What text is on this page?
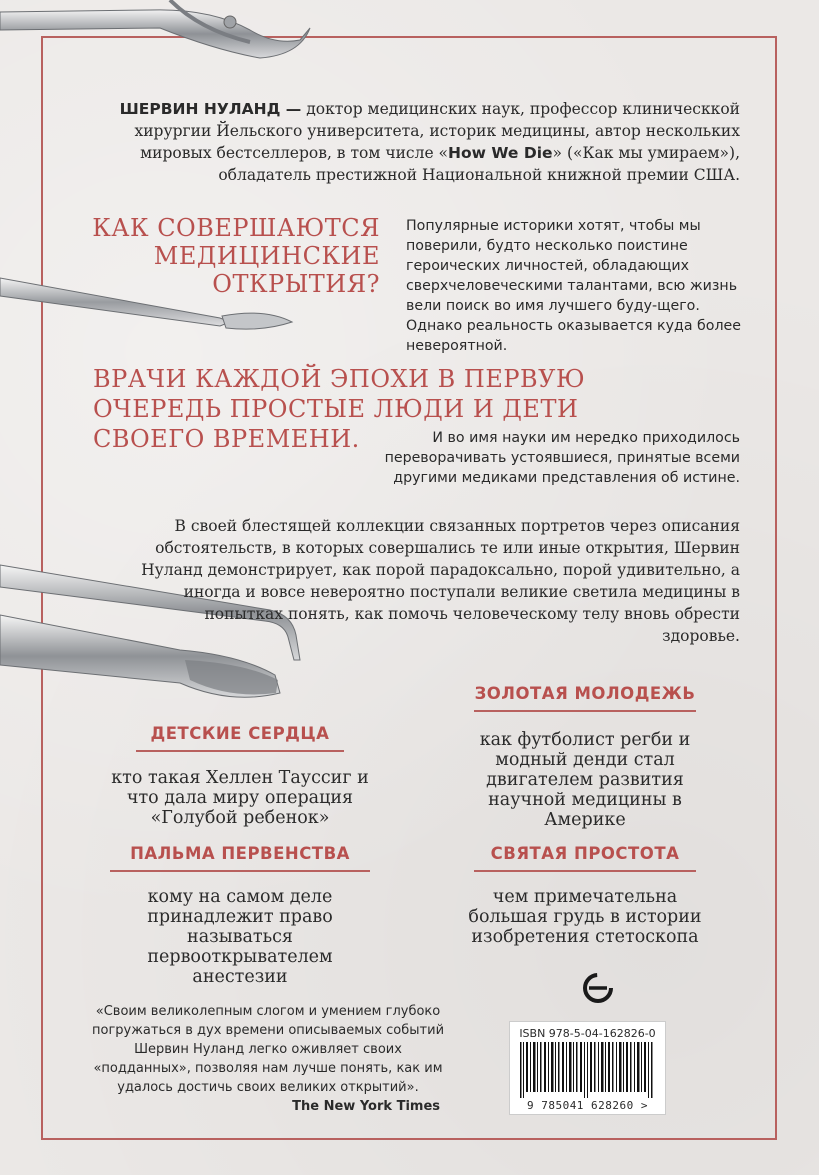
ШЕРВИН НУЛАНД — доктор медицинских наук, профессор клиническкой хирургии Йельского университета, историк медицины, автор нескольких мировых бестселлеров, в том числе «How We Die» («Как мы умираем»), обладатель престижной Национальной книжной премии США.
КАК СОВЕРШАЮТСЯ МЕДИЦИНСКИЕ ОТКРЫТИЯ?
Популярные историки хотят, чтобы мы поверили, будто несколько поистине героических личностей, обладающих сверхчеловеческими талантами, всю жизнь вели поиск во имя лучшего буду-щего. Однако реальность оказывается куда более невероятной.
ВРАЧИ КАЖДОЙ ЭПОХИ В ПЕРВУЮ
ОЧЕРЕДЬ ПРОСТЫЕ ЛЮДИ И ДЕТИ
СВОЕГО ВРЕМЕНИ.	И во имя науки им нередко приходилось переворачивать устоявшиеся, принятые всеми другими медиками представления об истине.
В своей блестящей коллекции связанных портретов через описания обстоятельств, в которых совершались те или иные открытия, Шервин Нуланд демонстрирует, как порой парадоксально, порой удивительно, а иногда и вовсе невероятно поступали великие светила медицины в попытках понять, как помочь человеческому телу вновь обрести здоровье.
ЗОЛОТАЯ МОЛОДЕЖЬ
как футболист регби и модный денди стал двигателем развития научной медицины в Америке
ДЕТСКИЕ СЕРДЦА
кто такая Хеллен Тауссиг и что дала миру операция «Голубой ребенок»
ПАЛЬМА ПЕРВЕНСТВА
кому на самом деле принадлежит право называться первооткрывателем анестезии
СВЯТАЯ ПРОСТОТА
чем примечательна большая грудь в истории изобретения стетоскопа
«Своим великолепным слогом и умением глубоко погружаться в дух времени описываемых событий Шервин Нуланд легко оживляет своих «подданных», позволяя нам лучше понять, как им удалось достичь своих великих открытий».
The New York Times
ISBN 978-5-04-162826-0
9 785041 628260 >
